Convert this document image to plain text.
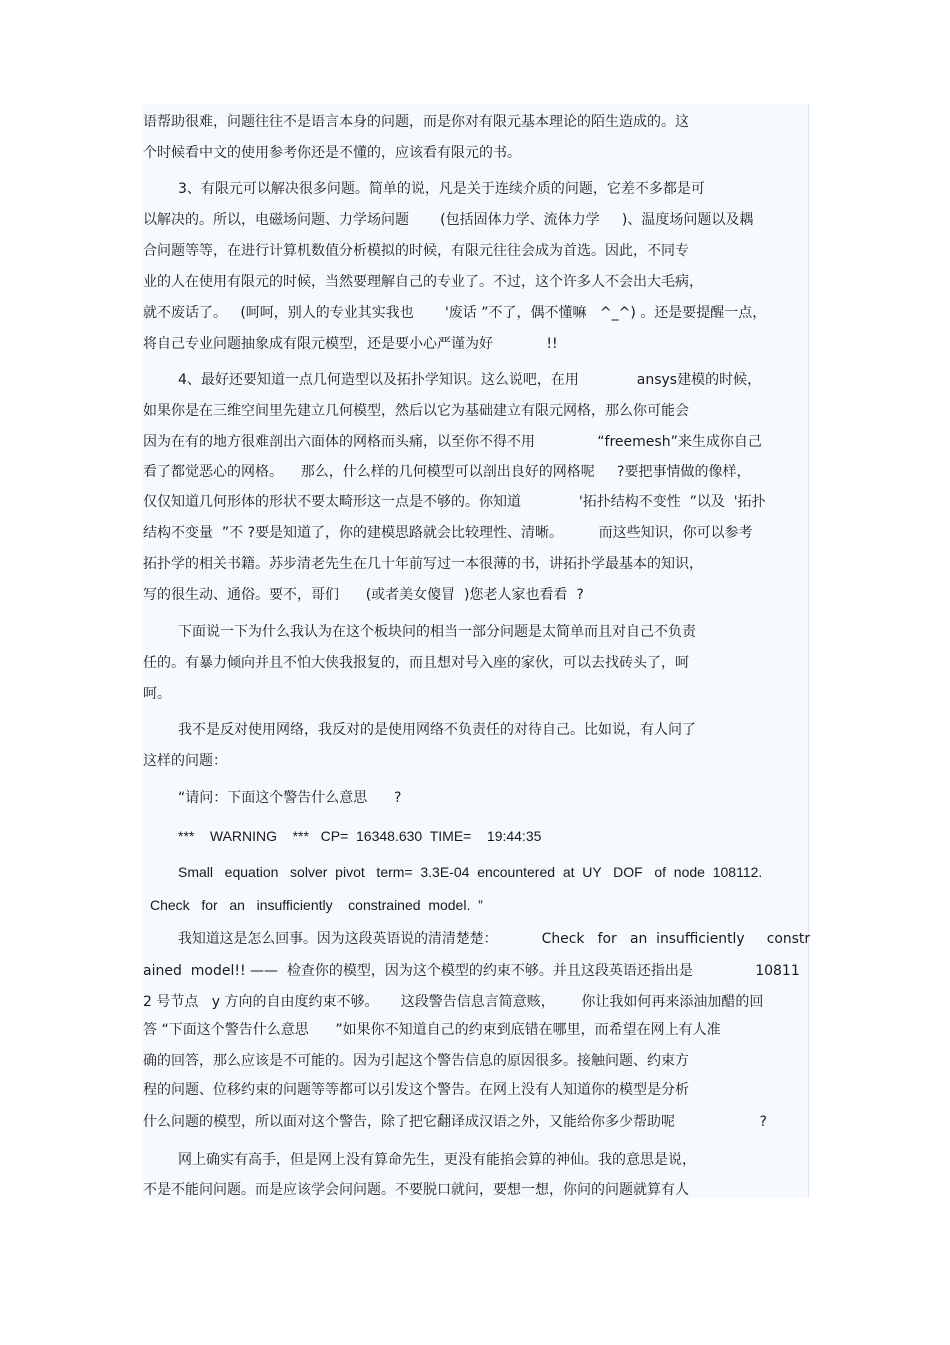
语帮助很难，问题往往不是语言本身的问题，而是你对有限元基本理论的陌生造成的。这
个时候看中文的使用参考你还是不懂的，应该看有限元的书。
3、有限元可以解决很多问题。简单的说，凡是关于连续介质的问题，它差不多都是可
以解决的。所以，电磁场问题、力学场问题       (包括固体力学、流体力学     )、温度场问题以及耦
合问题等等，在进行计算机数值分析模拟的时候，有限元往往会成为首选。因此，不同专
业的人在使用有限元的时候，当然要理解自己的专业了。不过，这个许多人不会出大毛病，
就不废话了。   (呵呵，别人的专业其实我也       '废话 ”不了，偶不懂嘛   ^_^) 。还是要提醒一点，
将自己专业问题抽象成有限元模型，还是要小心严谨为好            !!
4、最好还要知道一点几何造型以及拓扑学知识。这么说吧，在用             ansys建模的时候，
如果你是在三维空间里先建立几何模型，然后以它为基础建立有限元网格，那么你可能会
因为在有的地方很难剖出六面体的网格而头痛，以至你不得不用              “freemesh”来生成你自己
看了都觉恶心的网格。    那么，什么样的几何模型可以剖出良好的网格呢     ?要把事情做的像样，
仅仅知道几何形体的形状不要太畸形这一点是不够的。你知道             '拓扑结构不变性  ”以及  '拓扑
结构不变量  ”不 ?要是知道了，你的建模思路就会比较理性、清晰。        而这些知识，你可以参考
拓扑学的相关书籍。苏步清老先生在几十年前写过一本很薄的书，讲拓扑学最基本的知识，
写的很生动、通俗。要不，哥们      (或者美女傻冒  )您老人家也看看  ?
下面说一下为什么我认为在这个板块问的相当一部分问题是太简单而且对自己不负责
任的。有暴力倾向并且不怕大侠我报复的，而且想对号入座的家伙，可以去找砖头了，呵
呵。
我不是反对使用网络，我反对的是使用网络不负责任的对待自己。比如说，有人问了
这样的问题：
“请问：下面这个警告什么意思      ?
***    WARNING    ***   CP=  16348.630  TIME=    19:44:35
Small   equation   solver  pivot   term=  3.3E-04  encountered  at  UY   DOF   of  node  108112.
Check   for   an   insufficiently    constrained  model.  ”
我知道这是怎么回事。因为这段英语说的清清楚楚：          Check   for   an  insufficiently     constr
ained  model!! ——  检查你的模型，因为这个模型的约束不够。并且这段英语还指出是              10811
2 号节点   y 方向的自由度约束不够。     这段警告信息言简意赅，      你让我如何再来添油加醋的回
答 “下面这个警告什么意思      ”如果你不知道自己的约束到底错在哪里，而希望在网上有人准
确的回答，那么应该是不可能的。因为引起这个警告信息的原因很多。接触问题、约束方
程的问题、位移约束的问题等等都可以引发这个警告。在网上没有人知道你的模型是分析
什么问题的模型，所以面对这个警告，除了把它翻译成汉语之外，又能给你多少帮助呢                   ?
网上确实有高手，但是网上没有算命先生，更没有能掐会算的神仙。我的意思是说，
不是不能问问题。而是应该学会问问题。不要脱口就问，要想一想，你问的问题就算有人
